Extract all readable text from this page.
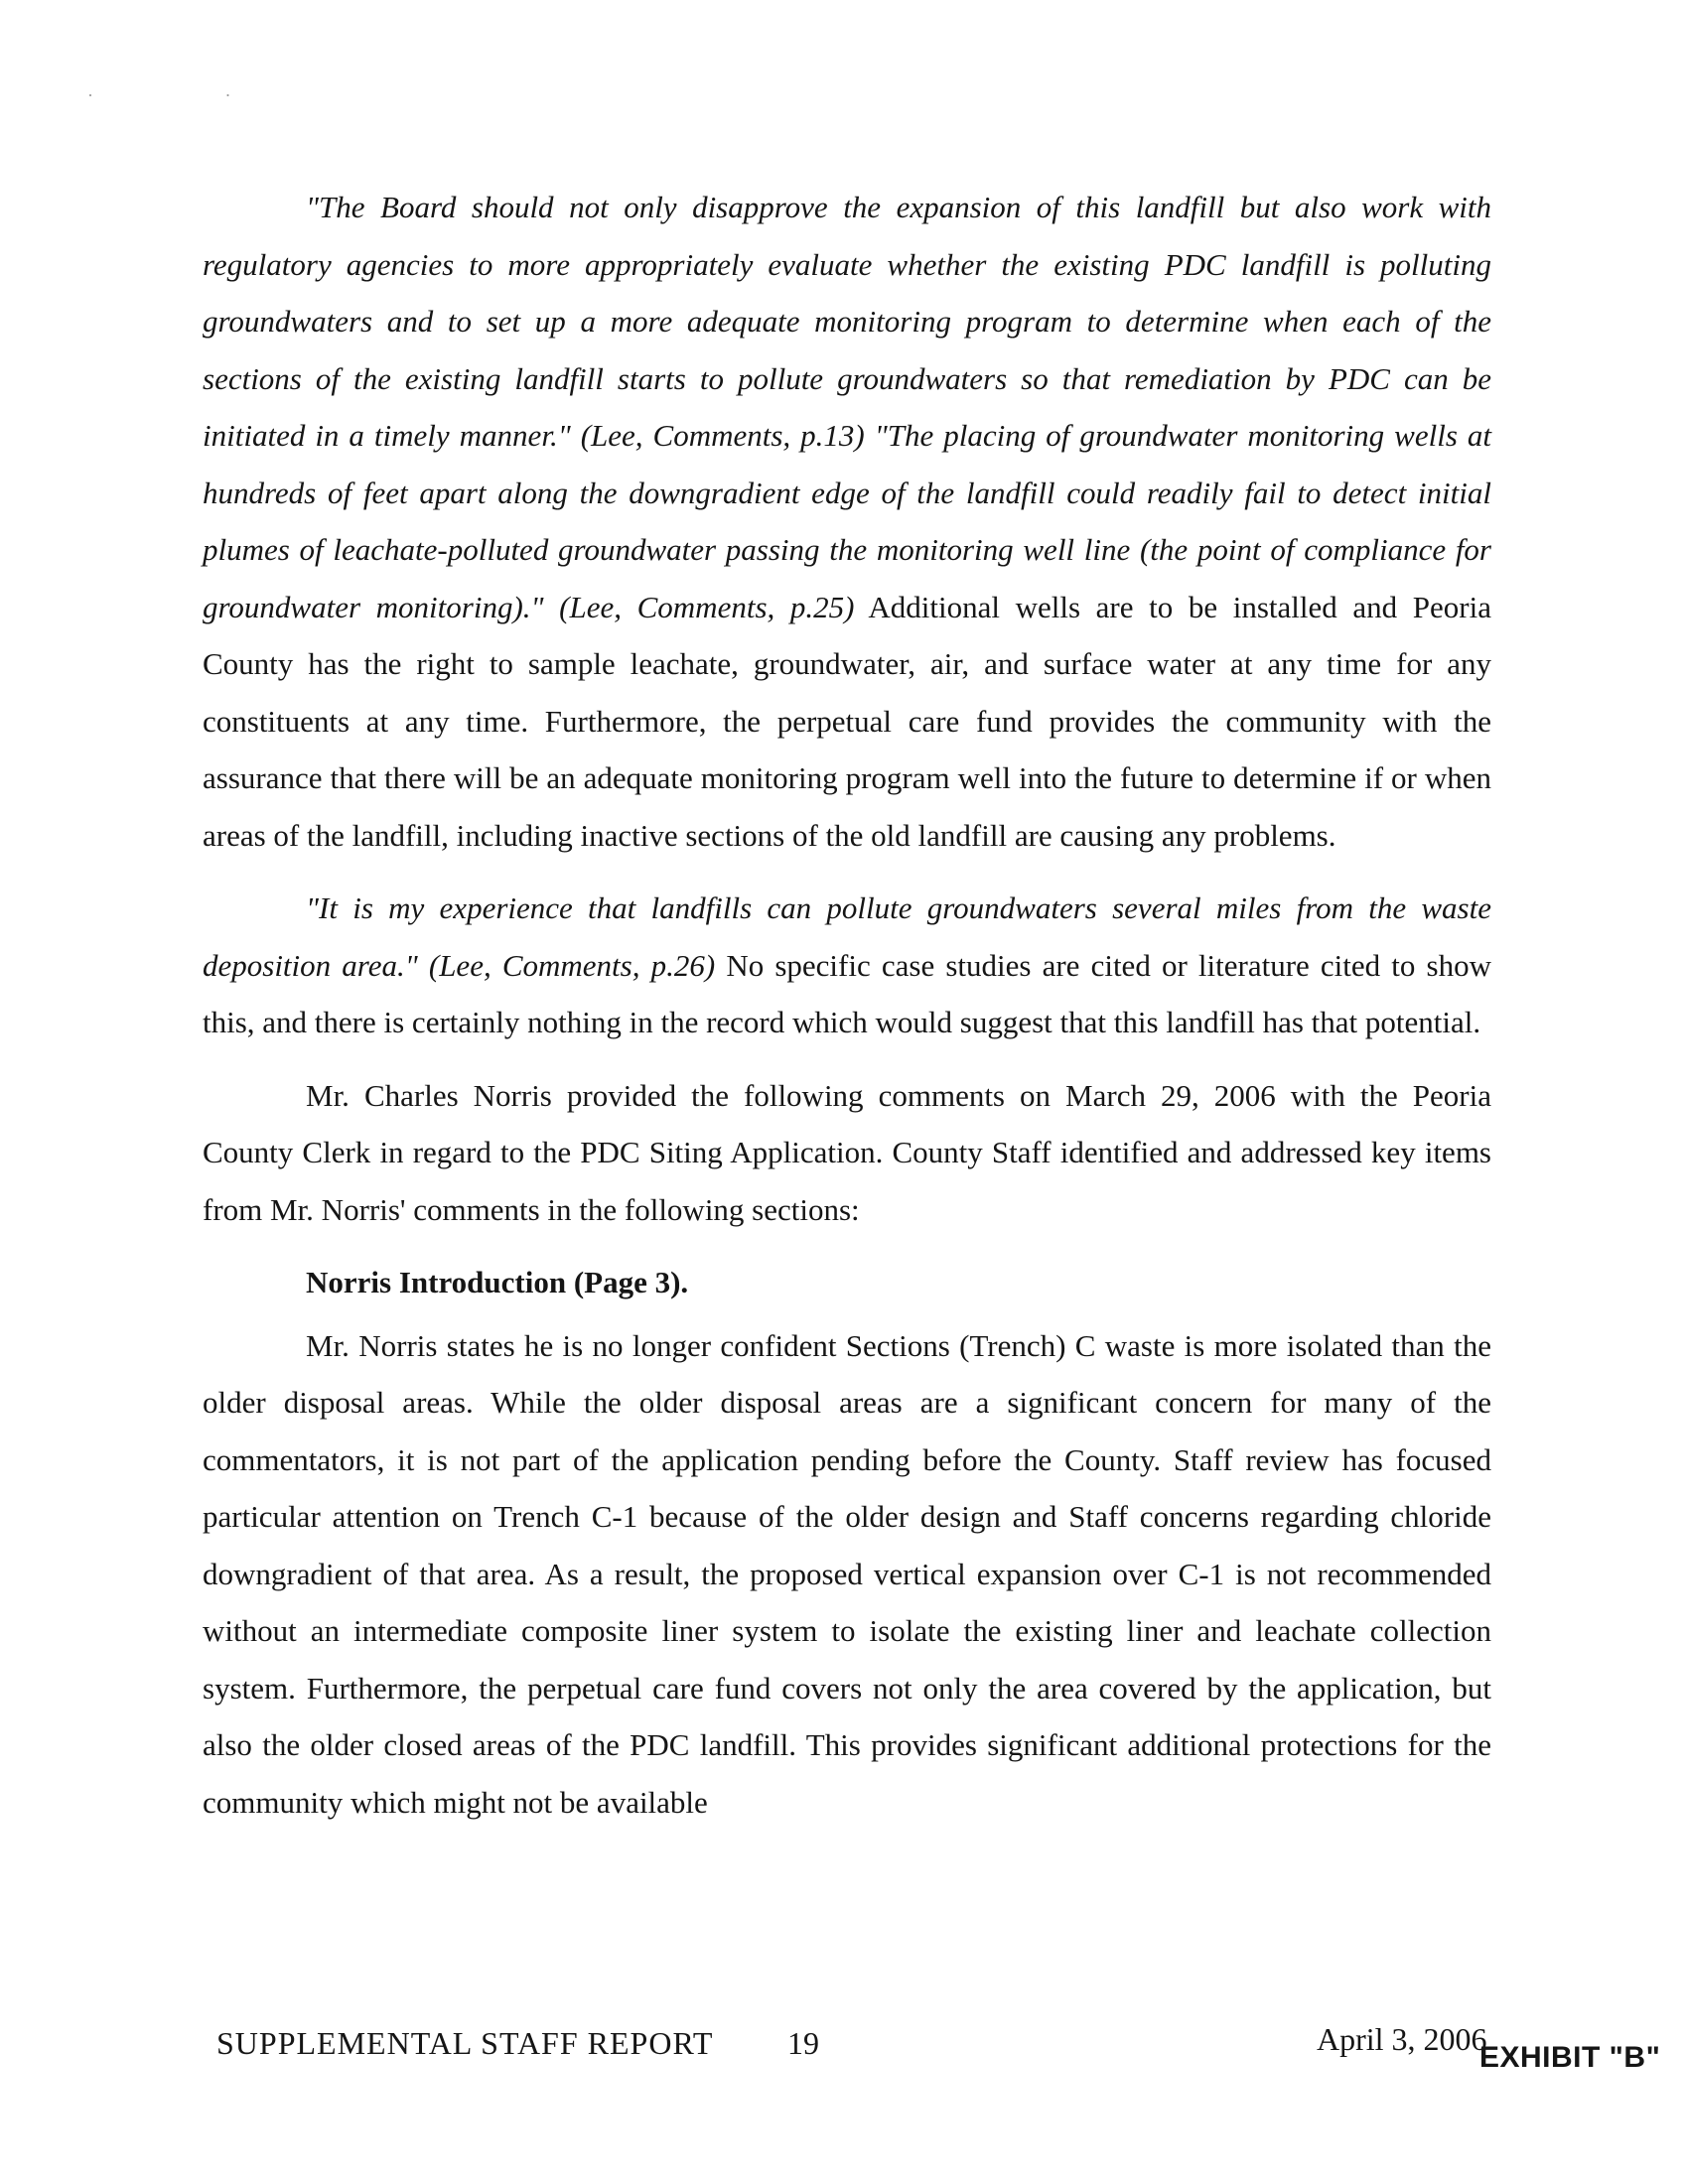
· ·

"The Board should not only disapprove the expansion of this landfill but also work with regulatory agencies to more appropriately evaluate whether the existing PDC landfill is polluting groundwaters and to set up a more adequate monitoring program to determine when each of the sections of the existing landfill starts to pollute groundwaters so that remediation by PDC can be initiated in a timely manner." (Lee, Comments, p.13) "The placing of groundwater monitoring wells at hundreds of feet apart along the downgradient edge of the landfill could readily fail to detect initial plumes of leachate-polluted groundwater passing the monitoring well line (the point of compliance for groundwater monitoring)." (Lee, Comments, p.25) Additional wells are to be installed and Peoria County has the right to sample leachate, groundwater, air, and surface water at any time for any constituents at any time. Furthermore, the perpetual care fund provides the community with the assurance that there will be an adequate monitoring program well into the future to determine if or when areas of the landfill, including inactive sections of the old landfill are causing any problems.

"It is my experience that landfills can pollute groundwaters several miles from the waste deposition area." (Lee, Comments, p.26) No specific case studies are cited or literature cited to show this, and there is certainly nothing in the record which would suggest that this landfill has that potential.

Mr. Charles Norris provided the following comments on March 29, 2006 with the Peoria County Clerk in regard to the PDC Siting Application. County Staff identified and addressed key items from Mr. Norris' comments in the following sections:

Norris Introduction (Page 3).

Mr. Norris states he is no longer confident Sections (Trench) C waste is more isolated than the older disposal areas. While the older disposal areas are a significant concern for many of the commentators, it is not part of the application pending before the County. Staff review has focused particular attention on Trench C-1 because of the older design and Staff concerns regarding chloride downgradient of that area. As a result, the proposed vertical expansion over C-1 is not recommended without an intermediate composite liner system to isolate the existing liner and leachate collection system. Furthermore, the perpetual care fund covers not only the area covered by the application, but also the older closed areas of the PDC landfill. This provides significant additional protections for the community which might not be available

SUPPLEMENTAL STAFF REPORT 19	April 3, 2006
EXHIBIT "B"
